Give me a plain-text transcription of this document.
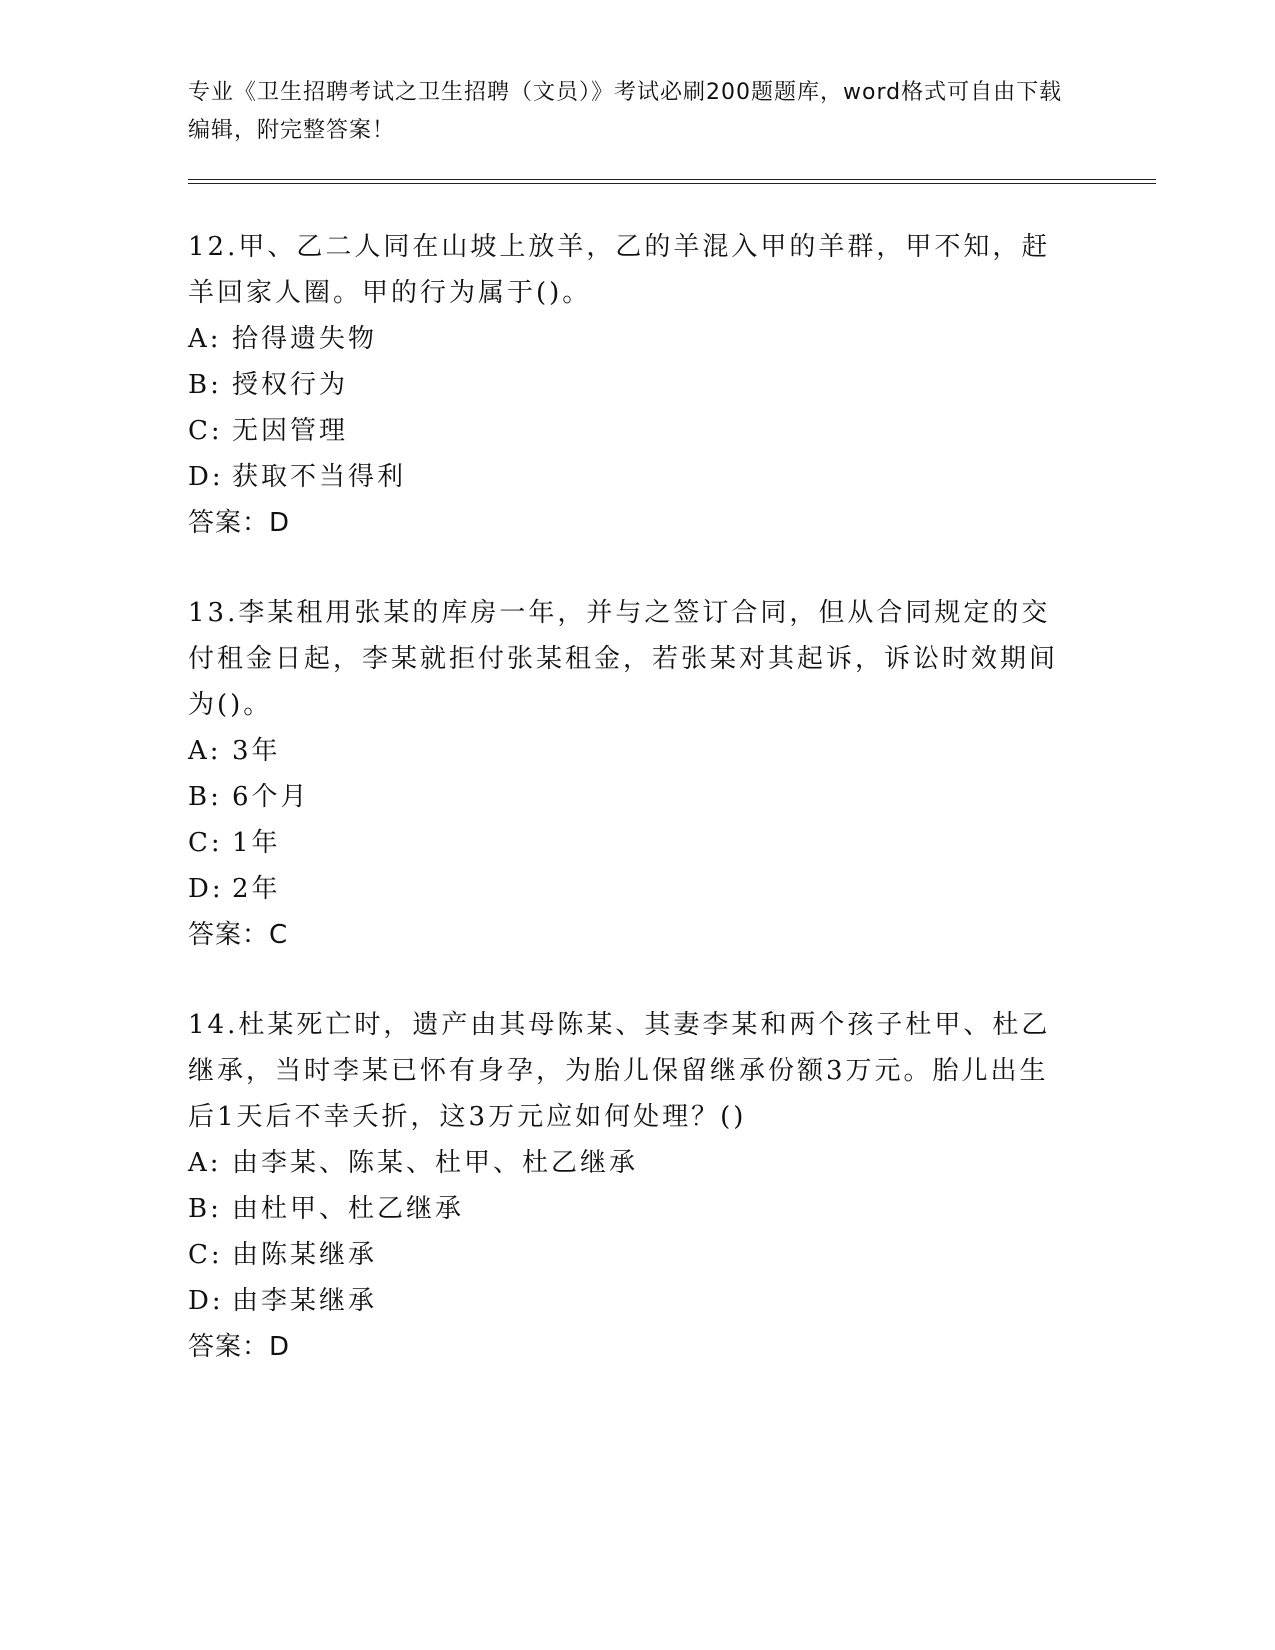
专业《卫生招聘考试之卫生招聘（文员）》考试必刷200题题库，word格式可自由下载编辑，附完整答案！

12.甲、乙二人同在山坡上放羊，乙的羊混入甲的羊群，甲不知，赶羊回家人圈。甲的行为属于()。

A: 拾得遗失物
B: 授权行为
C: 无因管理
D: 获取不当得利

答案：D

13.李某租用张某的库房一年，并与之签订合同，但从合同规定的交付租金日起，李某就拒付张某租金，若张某对其起诉，诉讼时效期间为()。

A: 3年
B: 6个月
C: 1年
D: 2年

答案：C

14.杜某死亡时，遗产由其母陈某、其妻李某和两个孩子杜甲、杜乙继承，当时李某已怀有身孕，为胎儿保留继承份额3万元。胎儿出生后1天后不幸夭折，这3万元应如何处理？()

A: 由李某、陈某、杜甲、杜乙继承
B: 由杜甲、杜乙继承
C: 由陈某继承
D: 由李某继承

答案：D
